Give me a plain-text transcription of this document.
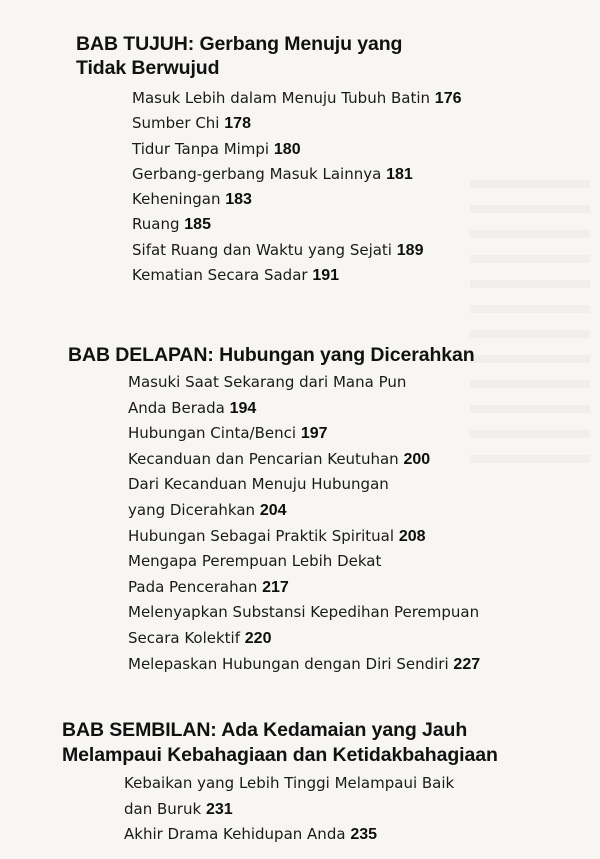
BAB TUJUH: Gerbang Menuju yang
Tidak Berwujud
Masuk Lebih dalam Menuju Tubuh Batin 176
Sumber Chi 178
Tidur Tanpa Mimpi 180
Gerbang-gerbang Masuk Lainnya 181
Keheningan 183
Ruang 185
Sifat Ruang dan Waktu yang Sejati 189
Kematian Secara Sadar 191
BAB DELAPAN: Hubungan yang Dicerahkan
Masuki Saat Sekarang dari Mana Pun
Anda Berada 194
Hubungan Cinta/Benci 197
Kecanduan dan Pencarian Keutuhan 200
Dari Kecanduan Menuju Hubungan
yang Dicerahkan 204
Hubungan Sebagai Praktik Spiritual 208
Mengapa Perempuan Lebih Dekat
Pada Pencerahan 217
Melenyapkan Substansi Kepedihan Perempuan
Secara Kolektif 220
Melepaskan Hubungan dengan Diri Sendiri 227
BAB SEMBILAN: Ada Kedamaian yang Jauh
Melampaui Kebahagiaan dan Ketidakbahagiaan
Kebaikan yang Lebih Tinggi Melampaui Baik
dan Buruk 231
Akhir Drama Kehidupan Anda 235
